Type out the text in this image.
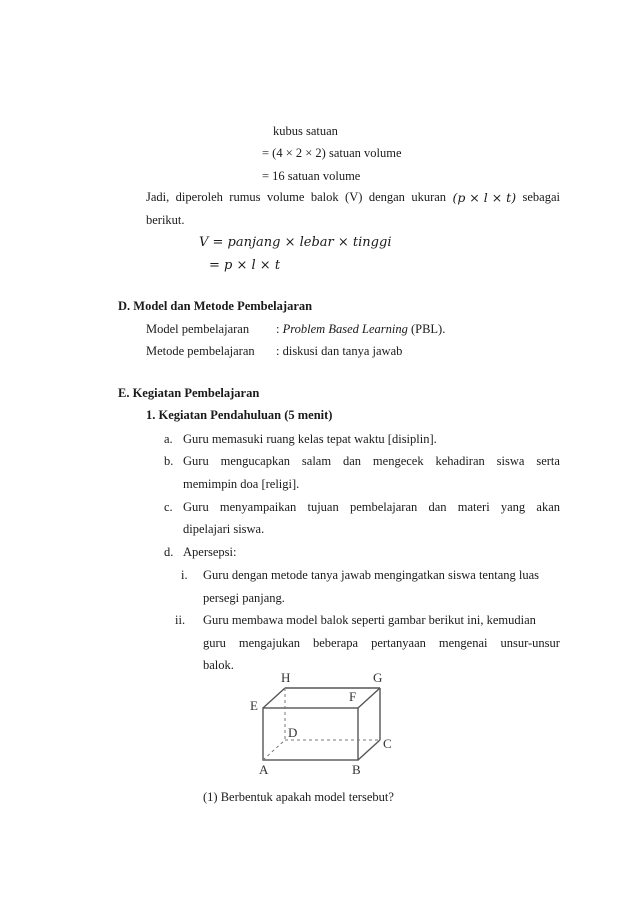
kubus satuan
= (4 × 2 × 2) satuan volume
= 16 satuan volume
Jadi, diperoleh rumus volume balok (V) dengan ukuran (p × l × t) sebagai
berikut.
V = panjang × lebar × tinggi
= p × l × t
D. Model dan Metode Pembelajaran
Model pembelajaran : Problem Based Learning (PBL).
Metode pembelajaran : diskusi dan tanya jawab
E. Kegiatan Pembelajaran
1. Kegiatan Pendahuluan (5 menit)
a. Guru memasuki ruang kelas tepat waktu [disiplin].
b. Guru mengucapkan salam dan mengecek kehadiran siswa serta
memimpin doa [religi].
c. Guru menyampaikan tujuan pembelajaran dan materi yang akan
dipelajari siswa.
d. Apersepsi:
i. Guru dengan metode tanya jawab mengingatkan siswa tentang luas
persegi panjang.
ii. Guru membawa model balok seperti gambar berikut ini, kemudian
guru mengajukan beberapa pertanyaan mengenai unsur-unsur
balok.
H	G
E
F
D
C
A	B
(1) Berbentuk apakah model tersebut?
